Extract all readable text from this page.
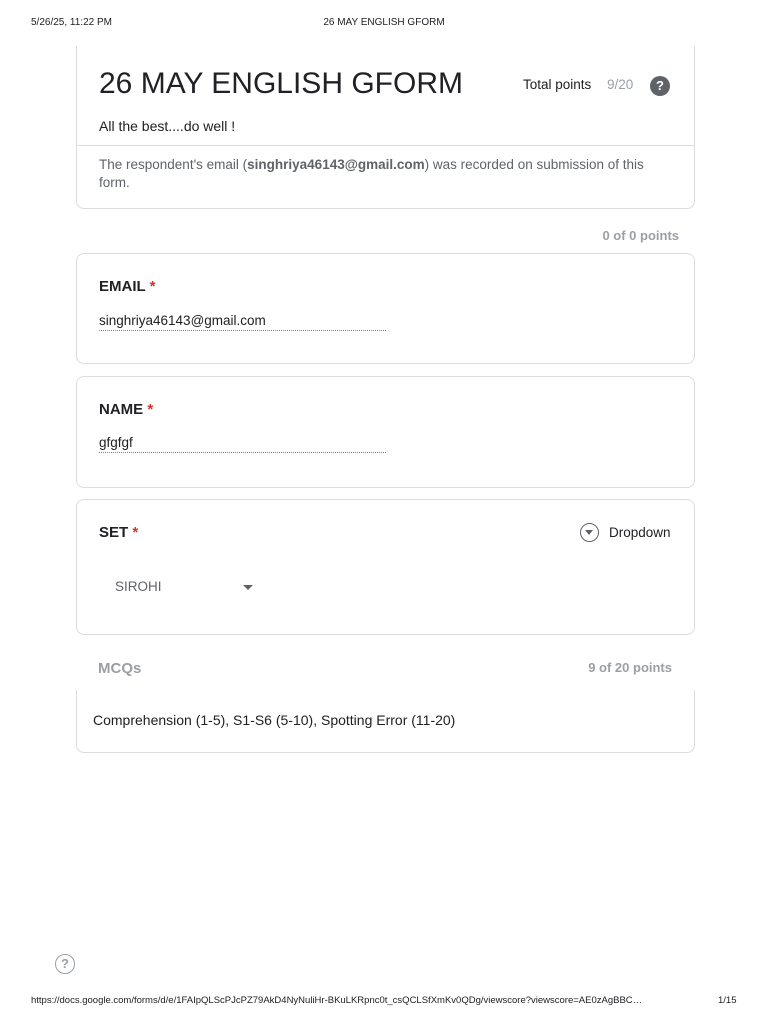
5/26/25, 11:22 PM	26 MAY ENGLISH GFORM
26 MAY ENGLISH GFORM	Total points 9/20	?
All the best....do well !
The respondent's email (singhriya46143@gmail.com) was recorded on submission of this form.
0 of 0 points
EMAIL *
singhriya46143@gmail.com
NAME *
gfgfgf
SET *	Dropdown
SIROHI
MCQs	9 of 20 points
Comprehension (1-5), S1-S6 (5-10), Spotting Error (11-20)
?
https://docs.google.com/forms/d/e/1FAIpQLScPJcPZ79AkD4NyNuliHr-BKuLKRpnc0t_csQCLSfXmKv0QDg/viewscore?viewscore=AE0zAgBBC…	1/15
